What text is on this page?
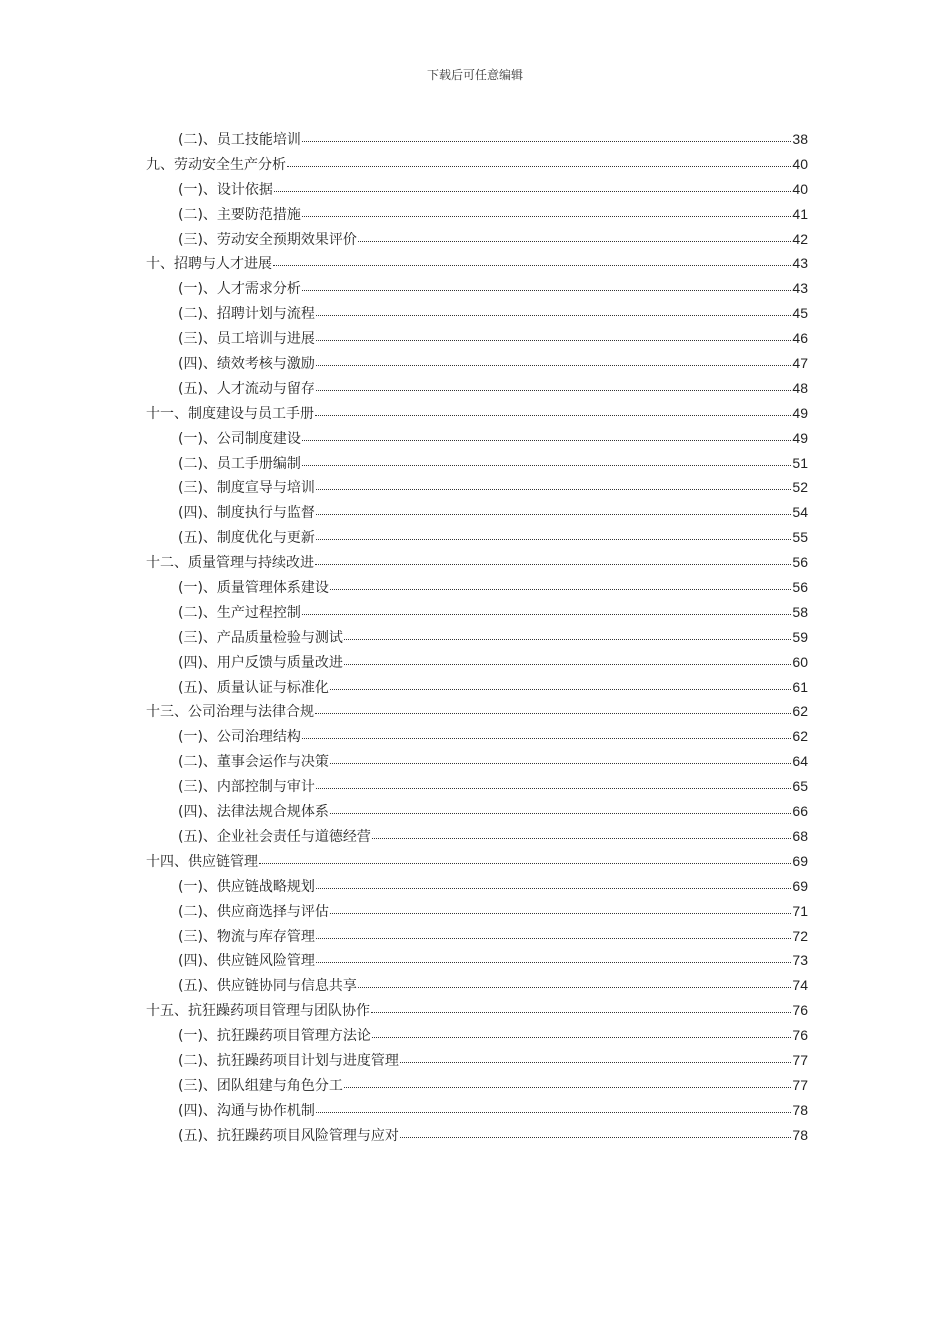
下载后可任意编辑
(二)、员工技能培训	38
九、劳动安全生产分析	40
(一)、设计依据	40
(二)、主要防范措施	41
(三)、劳动安全预期效果评价	42
十、招聘与人才进展	43
(一)、人才需求分析	43
(二)、招聘计划与流程	45
(三)、员工培训与进展	46
(四)、绩效考核与激励	47
(五)、人才流动与留存	48
十一、制度建设与员工手册	49
(一)、公司制度建设	49
(二)、员工手册编制	51
(三)、制度宣导与培训	52
(四)、制度执行与监督	54
(五)、制度优化与更新	55
十二、质量管理与持续改进	56
(一)、质量管理体系建设	56
(二)、生产过程控制	58
(三)、产品质量检验与测试	59
(四)、用户反馈与质量改进	60
(五)、质量认证与标准化	61
十三、公司治理与法律合规	62
(一)、公司治理结构	62
(二)、董事会运作与决策	64
(三)、内部控制与审计	65
(四)、法律法规合规体系	66
(五)、企业社会责任与道德经营	68
十四、供应链管理	69
(一)、供应链战略规划	69
(二)、供应商选择与评估	71
(三)、物流与库存管理	72
(四)、供应链风险管理	73
(五)、供应链协同与信息共享	74
十五、抗狂躁药项目管理与团队协作	76
(一)、抗狂躁药项目管理方法论	76
(二)、抗狂躁药项目计划与进度管理	77
(三)、团队组建与角色分工	77
(四)、沟通与协作机制	78
(五)、抗狂躁药项目风险管理与应对	78
